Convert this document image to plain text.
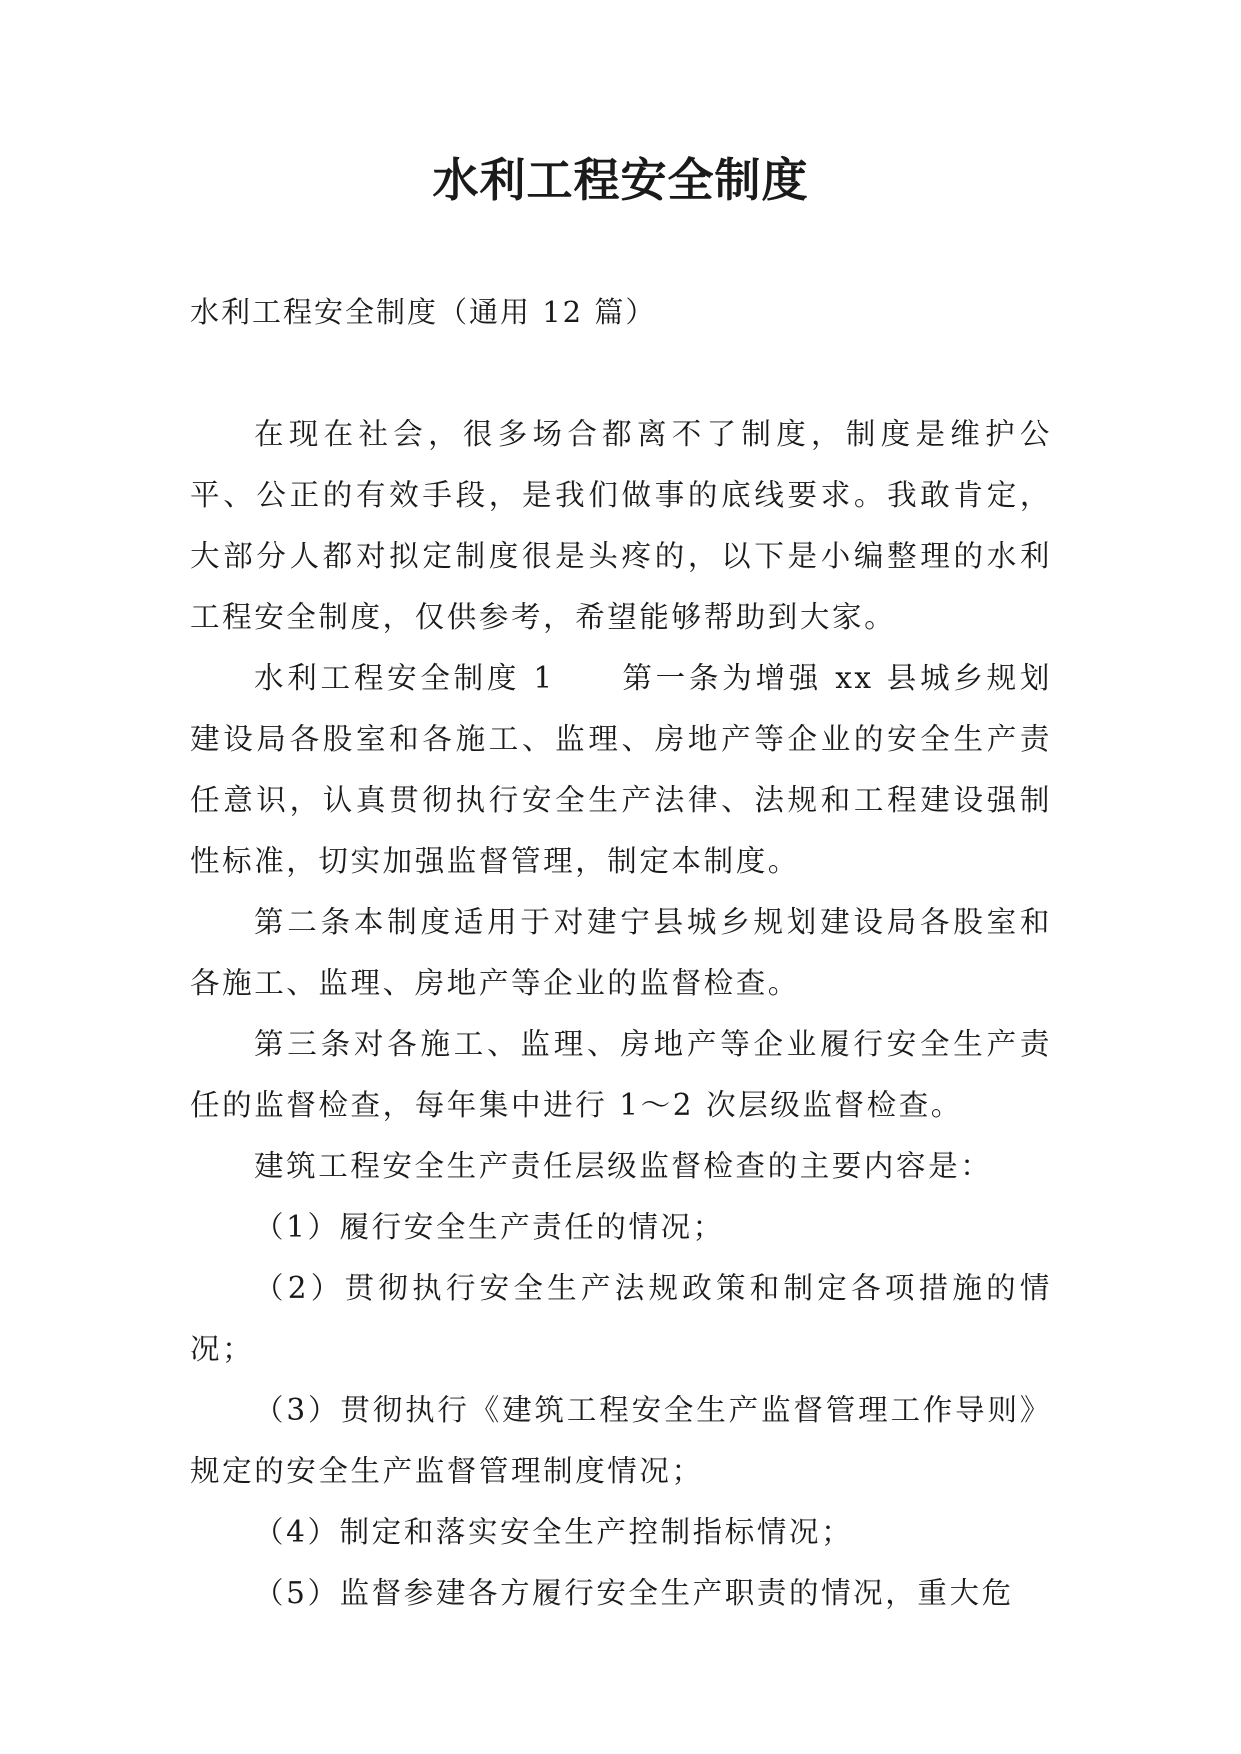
水利工程安全制度

水利工程安全制度（通用 12 篇）

在现在社会，很多场合都离不了制度，制度是维护公平、公正的有效手段，是我们做事的底线要求。我敢肯定，大部分人都对拟定制度很是头疼的，以下是小编整理的水利工程安全制度，仅供参考，希望能够帮助到大家。

水利工程安全制度 1　　第一条为增强 xx 县城乡规划建设局各股室和各施工、监理、房地产等企业的安全生产责任意识，认真贯彻执行安全生产法律、法规和工程建设强制性标准，切实加强监督管理，制定本制度。

第二条本制度适用于对建宁县城乡规划建设局各股室和各施工、监理、房地产等企业的监督检查。

第三条对各施工、监理、房地产等企业履行安全生产责任的监督检查，每年集中进行 1～2 次层级监督检查。

建筑工程安全生产责任层级监督检查的主要内容是：

（1）履行安全生产责任的情况；

（2）贯彻执行安全生产法规政策和制定各项措施的情况；

（3）贯彻执行《建筑工程安全生产监督管理工作导则》规定的安全生产监督管理制度情况；

（4）制定和落实安全生产控制指标情况；

（5）监督参建各方履行安全生产职责的情况，重大危
